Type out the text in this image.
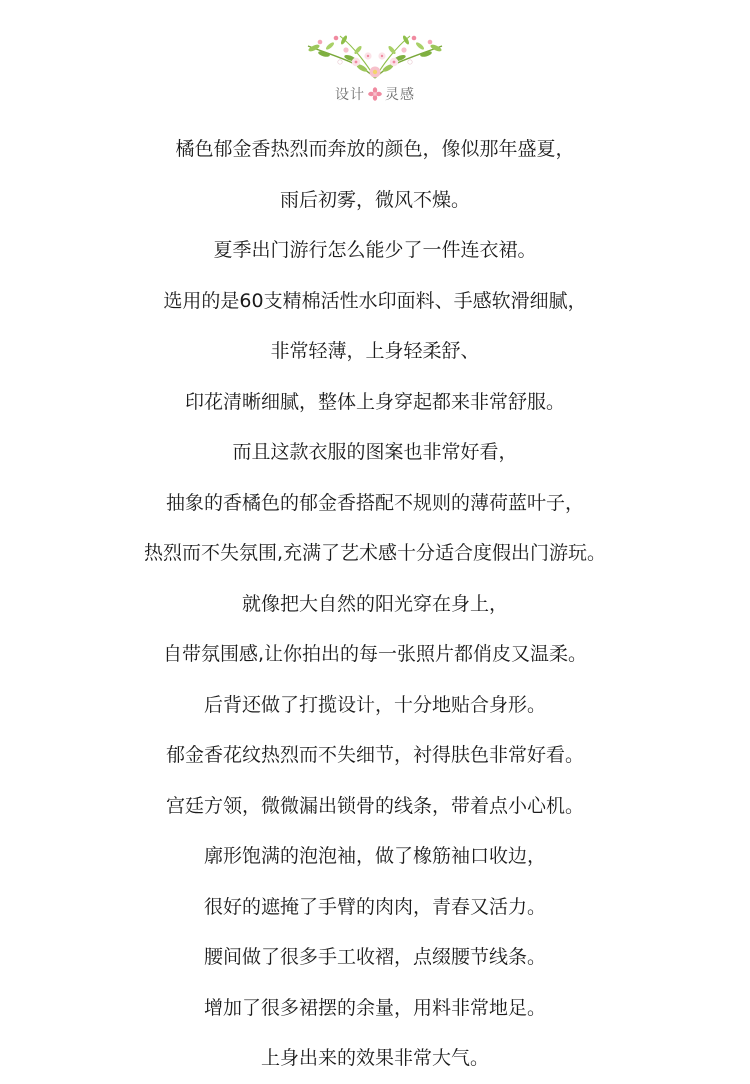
设计 灵感
橘色郁金香热烈而奔放的颜色，像似那年盛夏，
雨后初雾，微风不燥。
夏季出门游行怎么能少了一件连衣裙。
选用的是60支精棉活性水印面料、手感软滑细腻，
非常轻薄，上身轻柔舒、
印花清晰细腻，整体上身穿起都来非常舒服。
而且这款衣服的图案也非常好看，
抽象的香橘色的郁金香搭配不规则的薄荷蓝叶子，
热烈而不失氛围,充满了艺术感十分适合度假出门游玩。
就像把大自然的阳光穿在身上，
自带氛围感,让你拍出的每一张照片都俏皮又温柔。
后背还做了打揽设计，十分地贴合身形。
郁金香花纹热烈而不失细节，衬得肤色非常好看。
宫廷方领，微微漏出锁骨的线条，带着点小心机。
廓形饱满的泡泡袖，做了橡筋袖口收边，
很好的遮掩了手臂的肉肉，青春又活力。
腰间做了很多手工收褶，点缀腰节线条。
增加了很多裙摆的余量，用料非常地足。
上身出来的效果非常大气。
